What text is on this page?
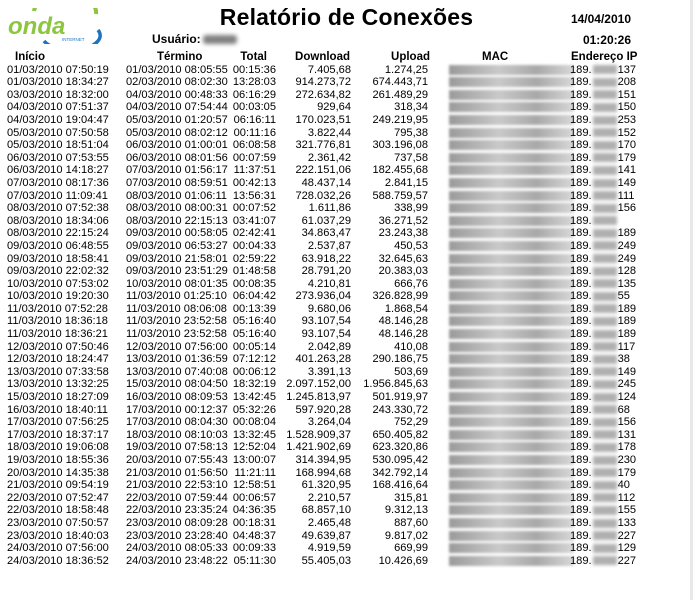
onda
INTERNET
Relatório de Conexões
Usuário:
14/04/2010
01:20:26
Início	Término	Total Download	Upload	MAC	Endereço IP
01/03/2010 07:50:19 01/03/2010 08:05:55 00:15:36	7.405,68	1.274,25	189. 137
01/03/2010 18:34:27 02/03/2010 08:02:30 13:28:03	914.273,72	674.443,71	189. 208
03/03/2010 18:32:00 04/03/2010 00:48:33 06:16:29	272.634,82	261.489,29	189. 151
04/03/2010 07:51:37 04/03/2010 07:54:44 00:03:05	929,64	318,34	189. 150
04/03/2010 19:04:47 05/03/2010 01:20:57 06:16:11	170.023,51	249.219,95	189. 253
05/03/2010 07:50:58 05/03/2010 08:02:12 00:11:16	3.822,44	795,38	189. 152
05/03/2010 18:51:04 06/03/2010 01:00:01 06:08:58	321.776,81	303.196,08	189. 170
06/03/2010 07:53:55 06/03/2010 08:01:56 00:07:59	2.361,42	737,58	189. 179
06/03/2010 14:18:27 07/03/2010 01:56:17 11:37:51	222.151,06	182.455,68	189. 141
07/03/2010 08:17:36 07/03/2010 08:59:51 00:42:13	48.437,14	2.841,15	189. 149
07/03/2010 11:09:41 08/03/2010 01:06:11 13:56:31	728.032,26	588.759,57	189. 111
08/03/2010 07:52:38 08/03/2010 08:00:31 00:07:52	1.611,86	338,99	189. 156
08/03/2010 18:34:06 08/03/2010 22:15:13 03:41:07	61.037,29	36.271,52	189.
08/03/2010 22:15:24 09/03/2010 00:58:05 02:42:41	34.863,47	23.243,38	189. 189
09/03/2010 06:48:55 09/03/2010 06:53:27 00:04:33	2.537,87	450,53	189. 249
09/03/2010 18:58:41 09/03/2010 21:58:01 02:59:22	63.918,22	32.645,63	189. 249
09/03/2010 22:02:32 09/03/2010 23:51:29 01:48:58	28.791,20	20.383,03	189. 128
10/03/2010 07:53:02 10/03/2010 08:01:35 00:08:35	4.210,81	666,76	189. 135
10/03/2010 19:20:30 11/03/2010 01:25:10 06:04:42	273.936,04	326.828,99	189. 55
11/03/2010 07:52:28 11/03/2010 08:06:08 00:13:39	9.680,06	1.868,54	189. 189
11/03/2010 18:36:18 11/03/2010 23:52:58 05:16:40	93.107,54	48.146,28	189. 189
11/03/2010 18:36:21 11/03/2010 23:52:58 05:16:40	93.107,54	48.146,28	189. 189
12/03/2010 07:50:46 12/03/2010 07:56:00 00:05:14	2.042,89	410,08	189. 117
12/03/2010 18:24:47 13/03/2010 01:36:59 07:12:12	401.263,28	290.186,75	189. 38
13/03/2010 07:33:58 13/03/2010 07:40:08 00:06:12	3.391,13	503,69	189. 149
13/03/2010 13:32:25 15/03/2010 08:04:50 18:32:19 2.097.152,00	1.956.845,63	189. 245
15/03/2010 18:27:09 16/03/2010 08:09:53 13:42:45 1.245.813,97	501.919,97	189. 124
16/03/2010 18:40:11 17/03/2010 00:12:37 05:32:26	597.920,28	243.330,72	189. 68
17/03/2010 07:56:25 17/03/2010 08:04:30 00:08:04	3.264,04	752,29	189. 156
17/03/2010 18:37:17 18/03/2010 08:10:03 13:32:45 1.528.909,37	650.405,82	189. 131
18/03/2010 19:06:08 19/03/2010 07:58:13 12:52:04 1.421.902,69	623.320,86	189. 178
19/03/2010 18:55:36 20/03/2010 07:55:43 13:00:07	314.394,95	530.095,42	189. 230
20/03/2010 14:35:38 21/03/2010 01:56:50 11:21:11	168.994,68	342.792,14	189. 179
21/03/2010 09:54:19 21/03/2010 22:53:10 12:58:51	61.320,95	168.416,64	189. 40
22/03/2010 07:52:47 22/03/2010 07:59:44 00:06:57	2.210,57	315,81	189. 112
22/03/2010 18:58:48 22/03/2010 23:35:24 04:36:35	68.857,10	9.312,13	189. 155
23/03/2010 07:50:57 23/03/2010 08:09:28 00:18:31	2.465,48	887,60	189. 133
23/03/2010 18:40:03 23/03/2010 23:28:40 04:48:37	49.639,87	9.817,02	189. 227
24/03/2010 07:56:00 24/03/2010 08:05:33 00:09:33	4.919,59	669,99	189. 129
24/03/2010 18:36:52 24/03/2010 23:48:22 05:11:30	55.405,03	10.426,69	189. 227
